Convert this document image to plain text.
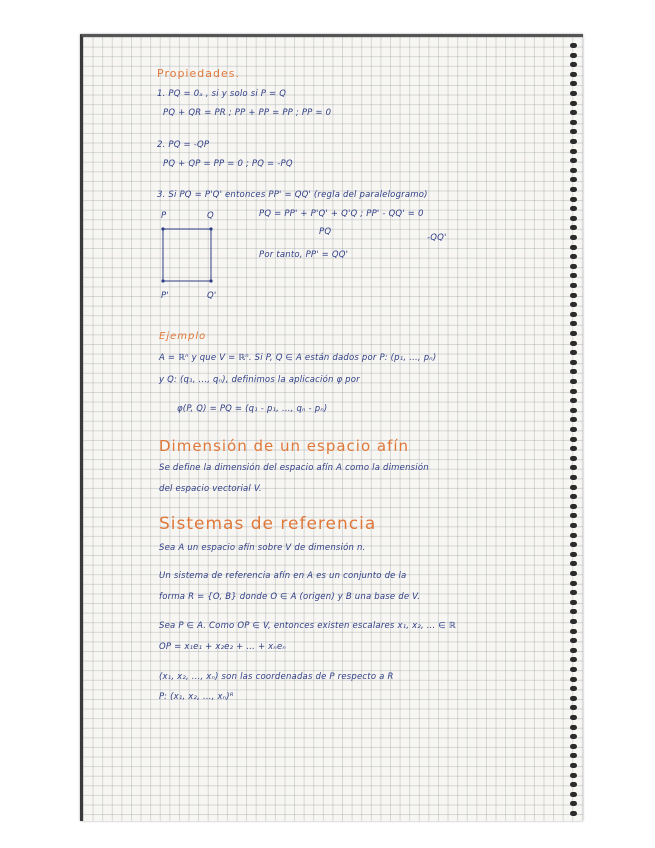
Propiedades.
1. PQ = 0ₐ , si y solo si P = Q
PQ + QR = PR ; PP + PP = PP ; PP = 0
2. PQ = -QP
PQ + QP = PP = 0 ; PQ = -PQ
3. Si PQ = P'Q' entonces PP' = QQ' (regla del paralelogramo)
PQ = PP' + P'Q' + Q'Q ; PP' - QQ' = 0
PQ
-QQ'
Por tanto, PP' = QQ'
P	Q
P'	Q'
Ejemplo
A = ℝⁿ y que V = ℝⁿ. Si P, Q ∈ A están dados por P: (p₁, ..., pₙ)
y Q: (q₁, ..., qₙ), definimos la aplicación φ por
φ(P, Q) = PQ = (q₁ - p₁, ..., qₙ - pₙ)
Dimensión de un espacio afín
Se define la dimensión del espacio afín A como la dimensión
del espacio vectorial V.
Sistemas de referencia
Sea A un espacio afín sobre V de dimensión n.
Un sistema de referencia afín en A es un conjunto de la
forma R = {O, B} donde O ∈ A (origen) y B una base de V.
Sea P ∈ A. Como OP ∈ V, entonces existen escalares x₁, x₂, ... ∈ ℝ
OP = x₁e₁ + x₂e₂ + ... + xₙeₙ
(x₁, x₂, ..., xₙ) son las coordenadas de P respecto a R
P: (x₁, x₂, ..., xₙ)ᴿ
